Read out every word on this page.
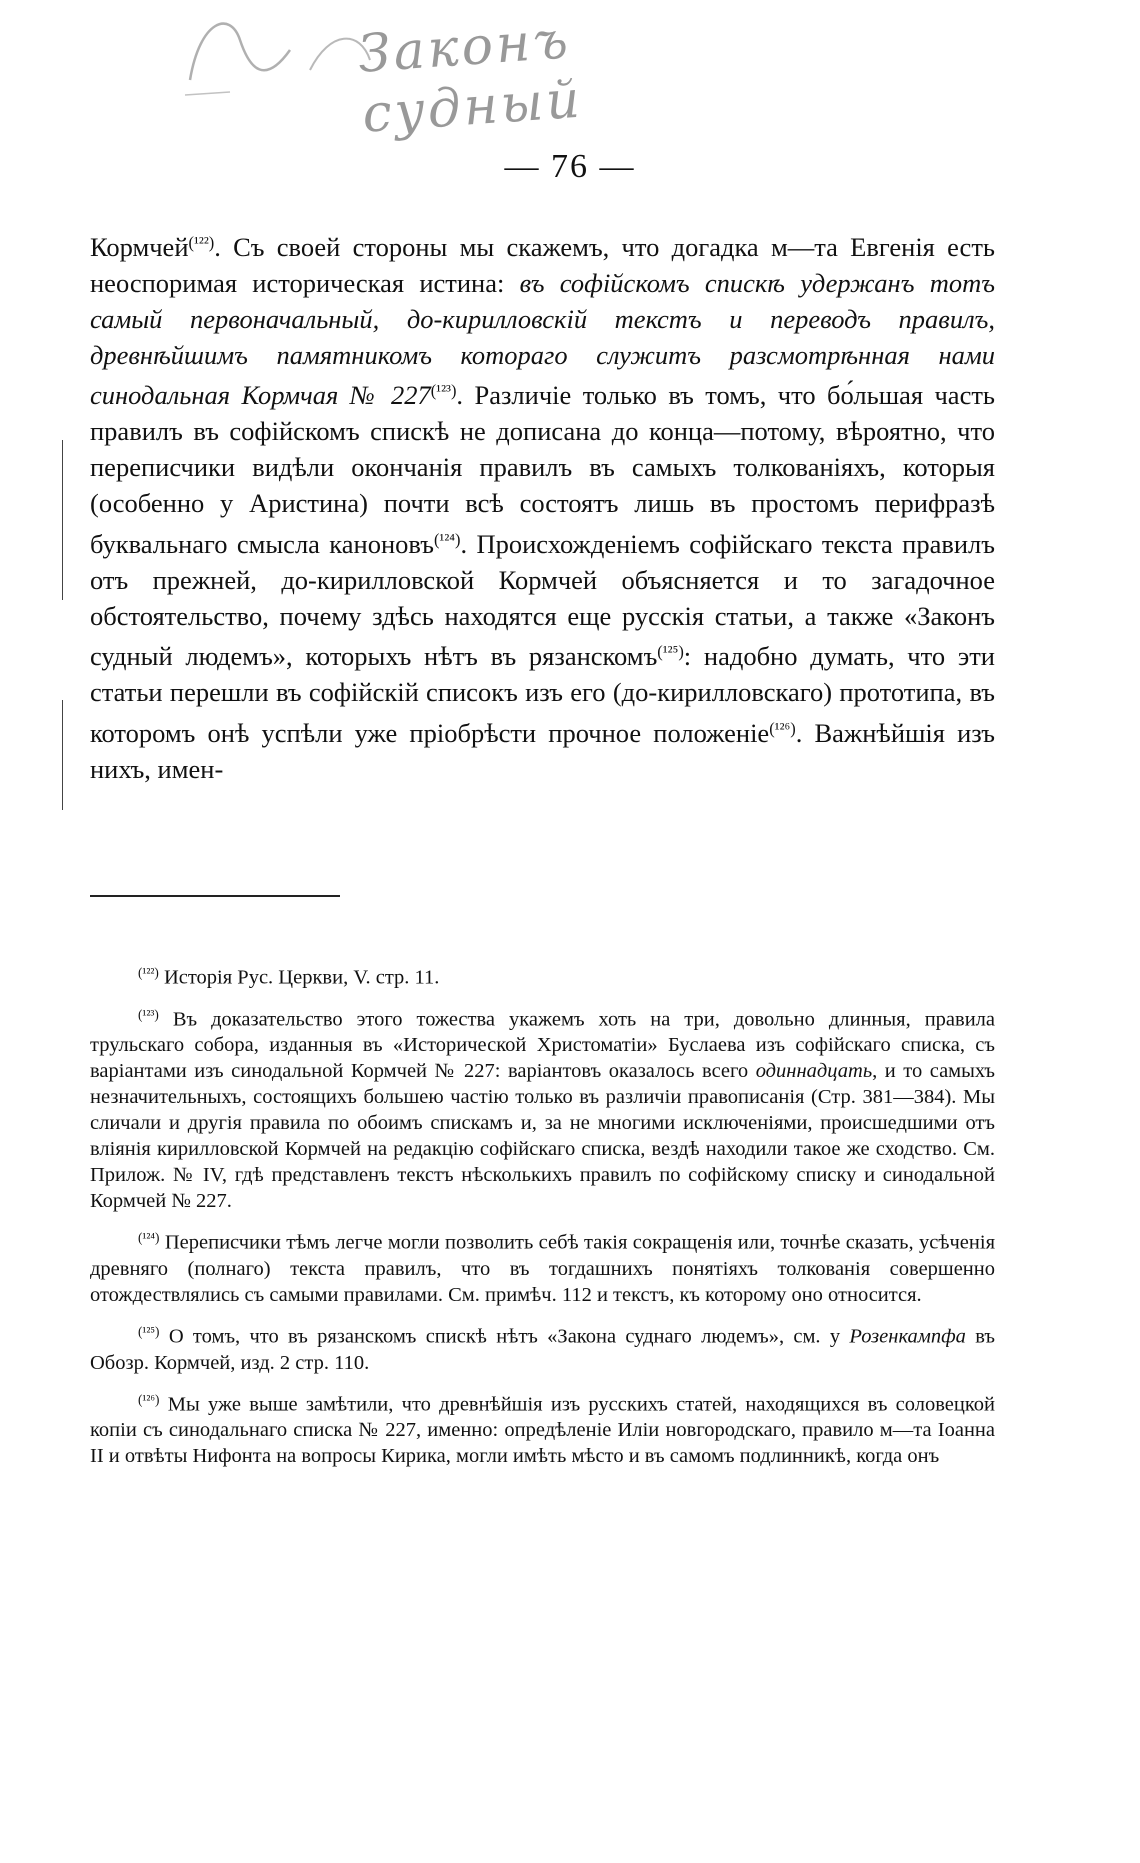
Законъ судный
— 76 —

Кормчей$^{(^{122})}$. Съ своей стороны мы скажемъ, что догадка м—та Евгенія есть неоспоримая историческая истина: въ софійскомъ спискѣ удержанъ тотъ самый первоначальный, до-кирилловскій текстъ и переводъ правилъ, древнѣйшимъ памятникомъ котораго служитъ разсмотрѣнная нами синодальная Кормчая № 227$^{(^{123})}$. Различіе только въ томъ, что бо́льшая часть правилъ въ софійскомъ спискѣ не дописана до конца—потому, вѣроятно, что переписчики видѣли окончанія правилъ въ самыхъ толкованіяхъ, которыя (особенно у Аристина) почти всѣ состоятъ лишь въ простомъ перифразѣ буквальнаго смысла каноновъ$^{(^{124})}$. Происхожденіемъ софійскаго текста правилъ отъ прежней, до-кирилловской Кормчей объясняется и то загадочное обстоятельство, почему здѣсь находятся еще русскія статьи, а также «Законъ судный людемъ», которыхъ нѣтъ въ рязанскомъ$^{(^{125})}$: надобно думать, что эти статьи перешли въ софійскій списокъ изъ его (до-кирилловскаго) прототипа, въ которомъ онѣ успѣли уже пріобрѣсти прочное положеніе$^{(^{126})}$. Важнѣйшія изъ нихъ, имен-

$^{(^{122})}$ Исторія Рус. Церкви, V. стр. 11.

$^{(^{123})}$ Въ доказательство этого тожества укажемъ хоть на три, довольно длинныя, правила трульскаго собора, изданныя въ «Исторической Христоматіи» Буслаева изъ софійскаго списка, съ варіантами изъ синодальной Кормчей № 227: варіантовъ оказалось всего одиннадцать, и то самыхъ незначительныхъ, состоящихъ большею частію только въ различіи правописанія (Стр. 381—384). Мы сличали и другія правила по обоимъ спискамъ и, за не многими исключеніями, происшедшими отъ вліянія кирилловской Кормчей на редакцію софійскаго списка, вездѣ находили такое же сходство. См. Прилож. № IV, гдѣ представленъ текстъ нѣсколькихъ правилъ по софійскому списку и синодальной Кормчей № 227.

$^{(^{124})}$ Переписчики тѣмъ легче могли позволить себѣ такія сокращенія или, точнѣе сказать, усѣченія древняго (полнаго) текста правилъ, что въ тогдашнихъ понятіяхъ толкованія совершенно отождествлялись съ самыми правилами. См. примѣч. 112 и текстъ, къ которому оно относится.

$^{(^{125})}$ О томъ, что въ рязанскомъ спискѣ нѣтъ «Закона суднаго людемъ», см. у Розенкампфа въ Обозр. Кормчей, изд. 2 стр. 110.

$^{(^{126})}$ Мы уже выше замѣтили, что древнѣйшія изъ русскихъ статей, находящихся въ соловецкой копіи съ синодальнаго списка № 227, именно: опредѣленіе Иліи новгородскаго, правило м—та Іоанна II и отвѣты Нифонта на вопросы Кирика, могли имѣть мѣсто и въ самомъ подлинникѣ, когда онъ
